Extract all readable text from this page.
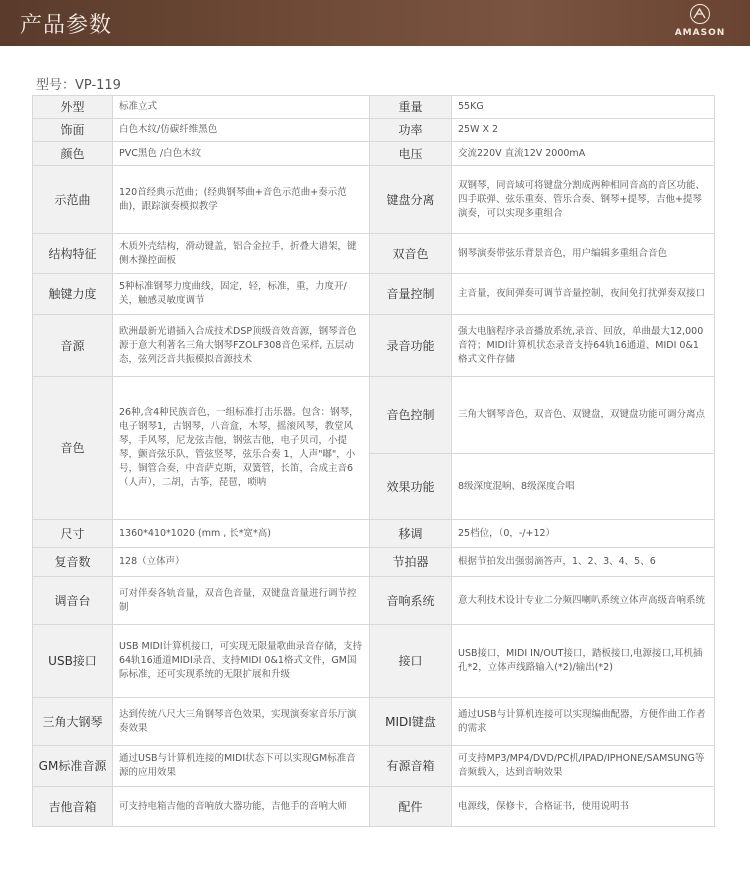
产品参数	AMASON
型号：VP-119
外型	标准立式	重量	55KG
饰面	白色木纹/仿碳纤维黑色	功率	25W X 2
颜色	PVC黑色 /白色木纹	电压	交流220V 直流12V 2000mA
示范曲	120首经典示范曲；(经典钢琴曲+音色示范曲+奏示范曲)，跟踪演奏模拟教学	键盘分离	双钢琴，同音域可将键盘分割成两种相同音高的音区功能、四手联弹、弦乐重奏、管乐合奏、钢琴+提琴，吉他+提琴演奏，可以实现多重组合
结构特征	木质外壳结构，滑动键盖，铝合金拉手，折叠大谱架，键侧木操控面板	双音色	钢琴演奏带弦乐背景音色，用户编辑多重组合音色
触键力度	5种标准钢琴力度曲线，固定，轻，标准，重，力度开/关，触感灵敏度调节	音量控制	主音量，夜间弹奏可调节音量控制，夜间免打扰弹奏双接口
音源	欧洲最新光谱插入合成技术DSP顶级音效音源，钢琴音色源于意大利著名三角大钢琴FZOLF308音色采样, 五层动态，弦列泛音共振模拟音源技术	录音功能	强大电脑程序录音播放系统,录音、回放，单曲最大12,000音符；MIDI计算机状态录音支持64轨16通道、MIDI 0&1格式文件存储
音色	26种,含4种民族音色，一组标准打击乐器。包含：钢琴，电子钢琴1，古钢琴，八音盒，木琴，摇滚风琴，教堂风琴，手风琴，尼龙弦吉他，钢弦吉他，电子贝司，小提琴，颤音弦乐队，管弦竖琴，弦乐合奏 1，人声"嘟"，小号，铜管合奏，中音萨克斯，双簧管，长笛，合成主音6（人声），二胡，古筝，琵琶，唢呐	音色控制	三角大钢琴音色，双音色、双键盘，双键盘功能可调分离点
		效果功能	8级深度混响、8级深度合唱
尺寸	1360*410*1020 (mm , 长*宽*高)	移调	25档位，（0，-/+12）
复音数	128（立体声）	节拍器	根据节拍发出强弱滴答声，1、2、3、4、5、6
调音台	可对伴奏各轨音量，双音色音量，双键盘音量进行调节控制	音响系统	意大利技术设计专业二分频四喇叭系统立体声高级音响系统
USB接口	USB MIDI计算机接口，可实现无限量歌曲录音存储，支持64轨16通道MIDI录音、支持MIDI 0&1格式文件，GM国际标准，还可实现系统的无限扩展和升级	接口	USB接口，MIDI IN/OUT接口，踏板接口,电源接口,耳机插孔*2，立体声线路输入(*2)/输出(*2)
三角大钢琴	达到传统八尺大三角钢琴音色效果，实现演奏家音乐厅演奏效果	MIDI键盘	通过USB与计算机连接可以实现编曲配器，方便作曲工作者的需求
GM标准音源	通过USB与计算机连接的MIDI状态下可以实现GM标准音源的应用效果	有源音箱	可支持MP3/MP4/DVD/PC机/IPAD/IPHONE/SAMSUNG等音频载入，达到音响效果
吉他音箱	可支持电箱吉他的音响放大器功能，吉他手的音响大师	配件	电源线，保修卡，合格证书，使用说明书
